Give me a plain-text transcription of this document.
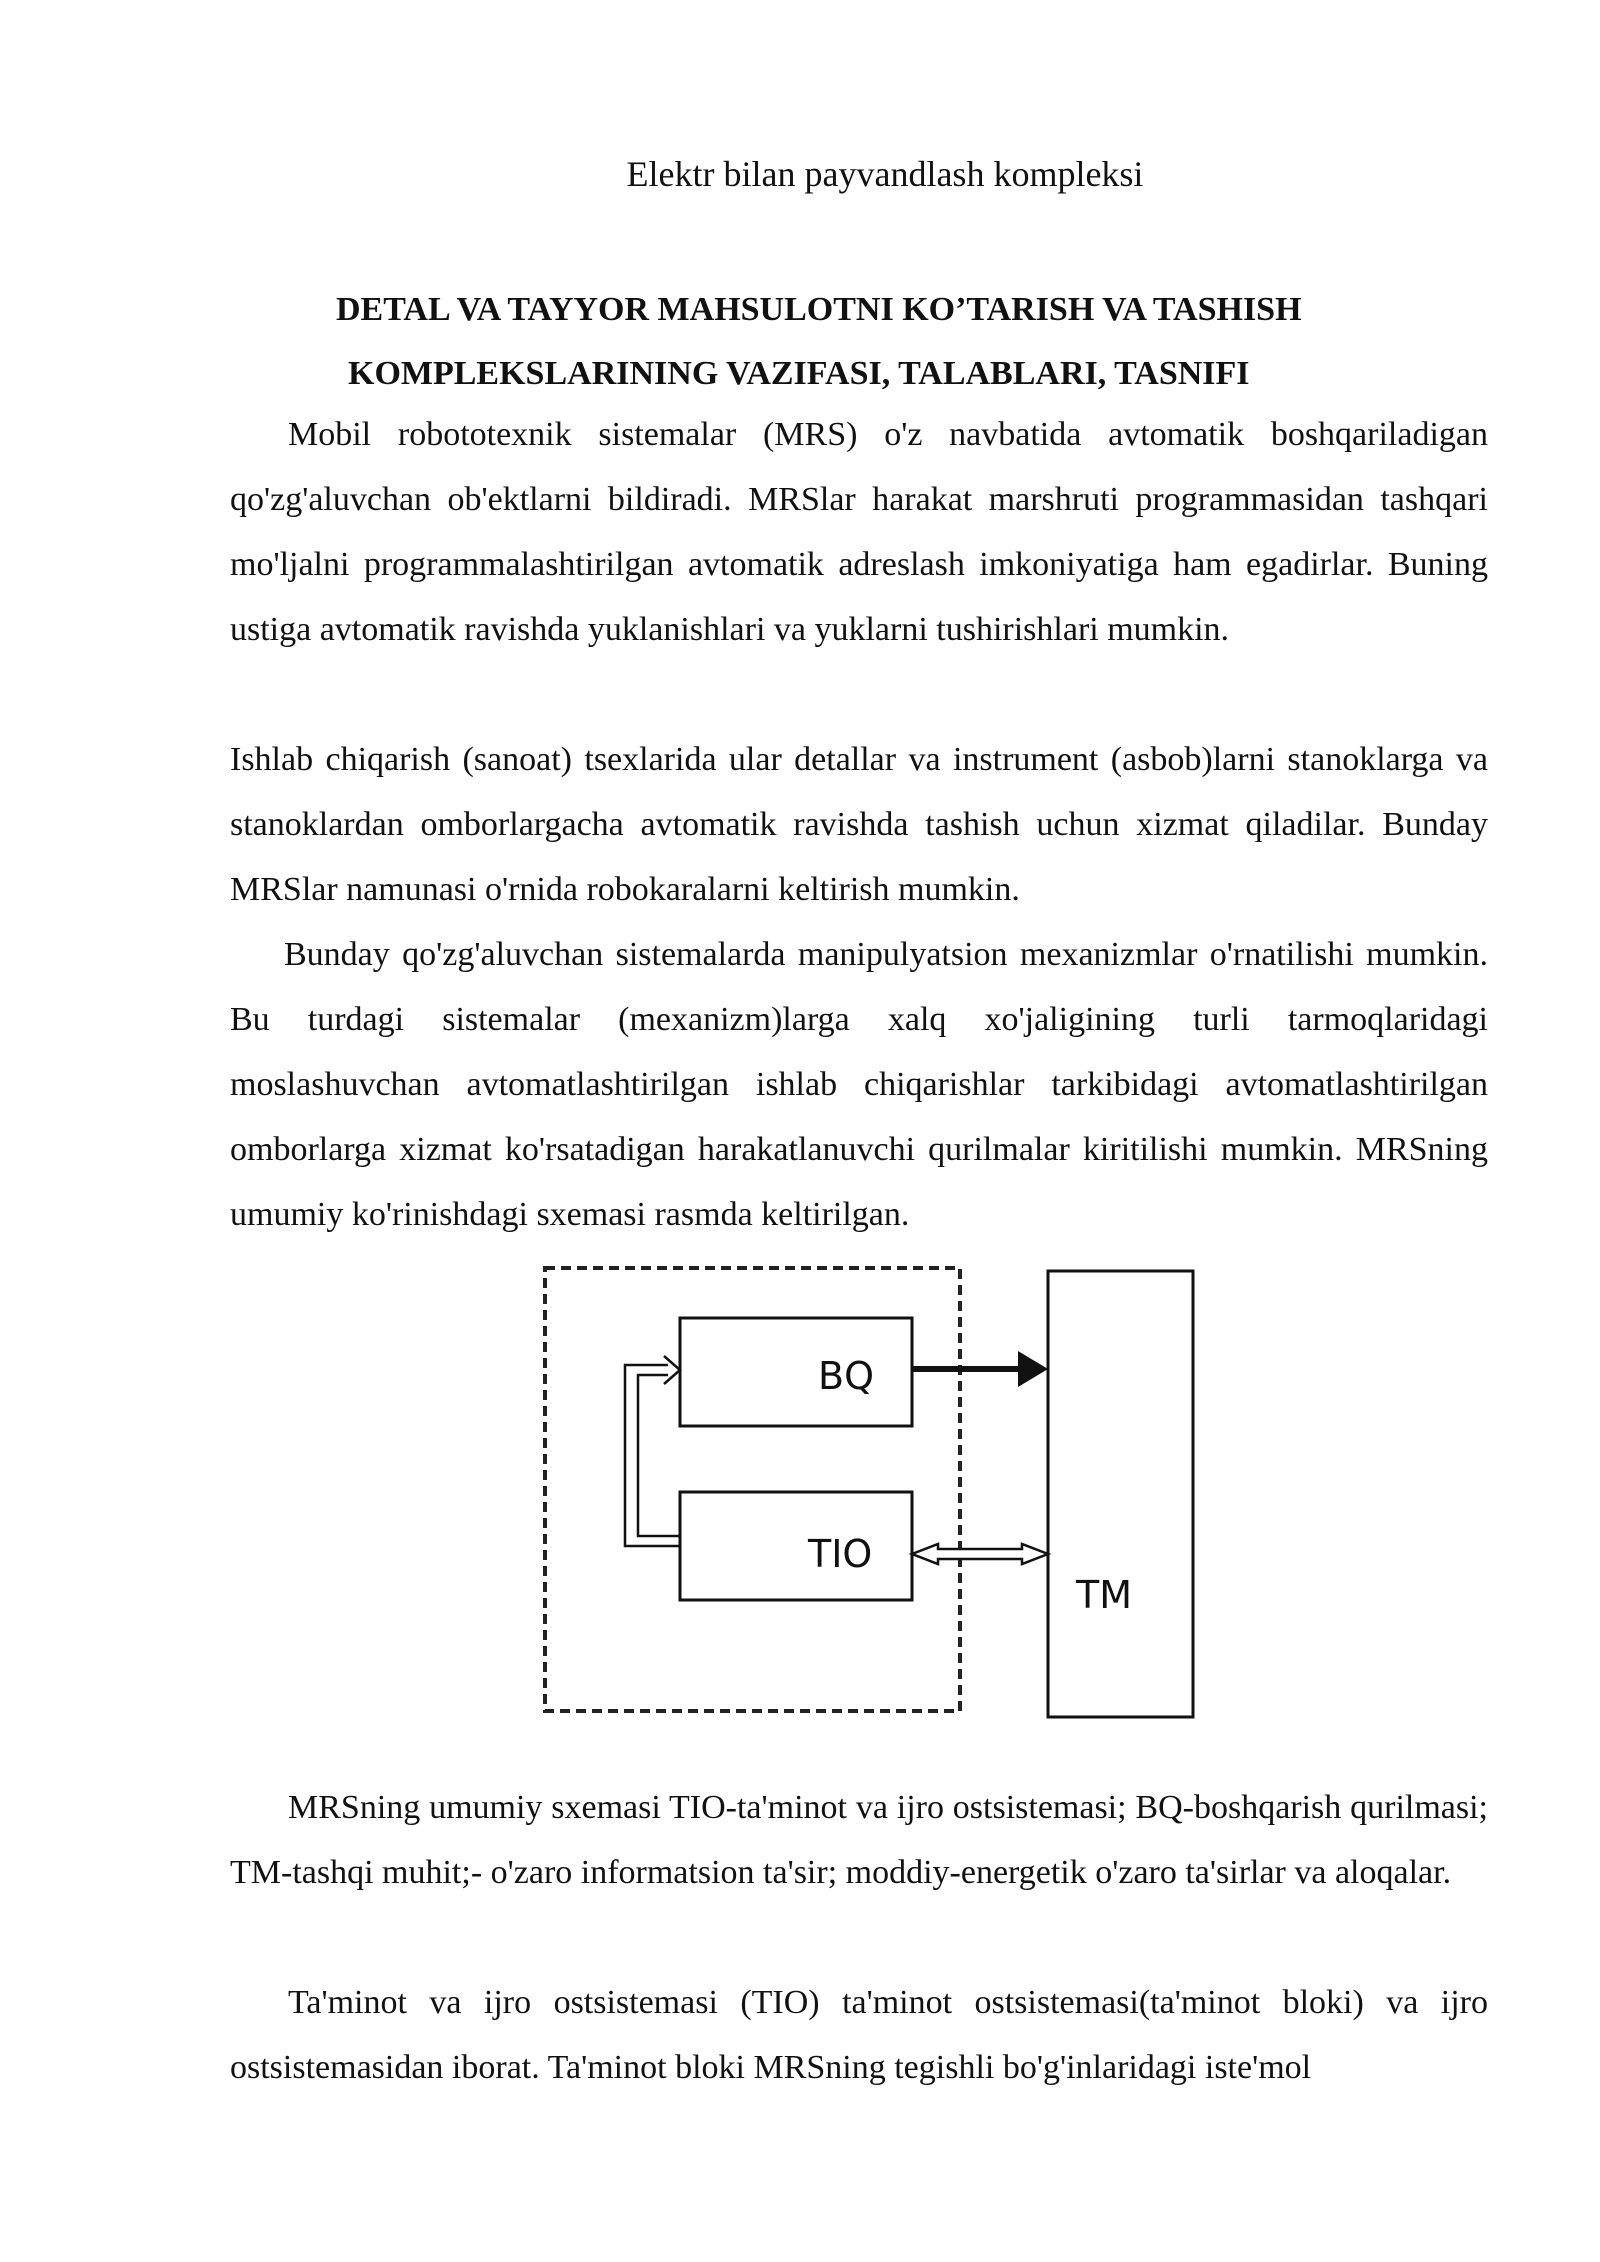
Elektr bilan payvandlash kompleksi
DETAL VA TAYYOR MAHSULOTNI KO’TARISH VA TASHISH
KOMPLEKSLARINING VAZIFASI, TALABLARI, TASNIFI

Mobil robototexnik sistemalar (MRS) o'z navbatida avtomatik boshqariladigan qo'zg'aluvchan ob'ektlarni bildiradi. MRSlar harakat marshruti programmasidan tashqari mo'ljalni programmalashtirilgan avtomatik adreslash imkoniyatiga ham egadirlar. Buning ustiga avtomatik ravishda yuklanishlari va yuklarni tushirishlari mumkin.

Ishlab chiqarish (sanoat) tsexlarida ular detallar va instrument (asbob)larni stanoklarga va stanoklardan omborlargacha avtomatik ravishda tashish uchun xizmat qiladilar. Bunday MRSlar namunasi o'rnida robokaralarni keltirish mumkin.

Bunday qo'zg'aluvchan sistemalarda manipulyatsion mexanizmlar o'rnatilishi mumkin. Bu turdagi sistemalar (mexanizm)larga xalq xo'jaligining turli tarmoqlaridagi moslashuvchan avtomatlashtirilgan ishlab chiqarishlar tarkibidagi avtomatlashtirilgan omborlarga xizmat ko'rsatadigan harakatlanuvchi qurilmalar kiritilishi mumkin. MRSning umumiy ko'rinishdagi sxemasi rasmda keltirilgan.

BQ
TIO
TM

MRSning umumiy sxemasi TIO-ta'minot va ijro ostsistemasi; BQ-boshqarish qurilmasi; TM-tashqi muhit;- o'zaro informatsion ta'sir; moddiy-energetik o'zaro ta'sirlar va aloqalar.

Ta'minot va ijro ostsistemasi (TIO) ta'minot ostsistemasi(ta'minot bloki) va ijro ostsistemasidan iborat. Ta'minot bloki MRSning tegishli bo'g'inlaridagi iste'mol
